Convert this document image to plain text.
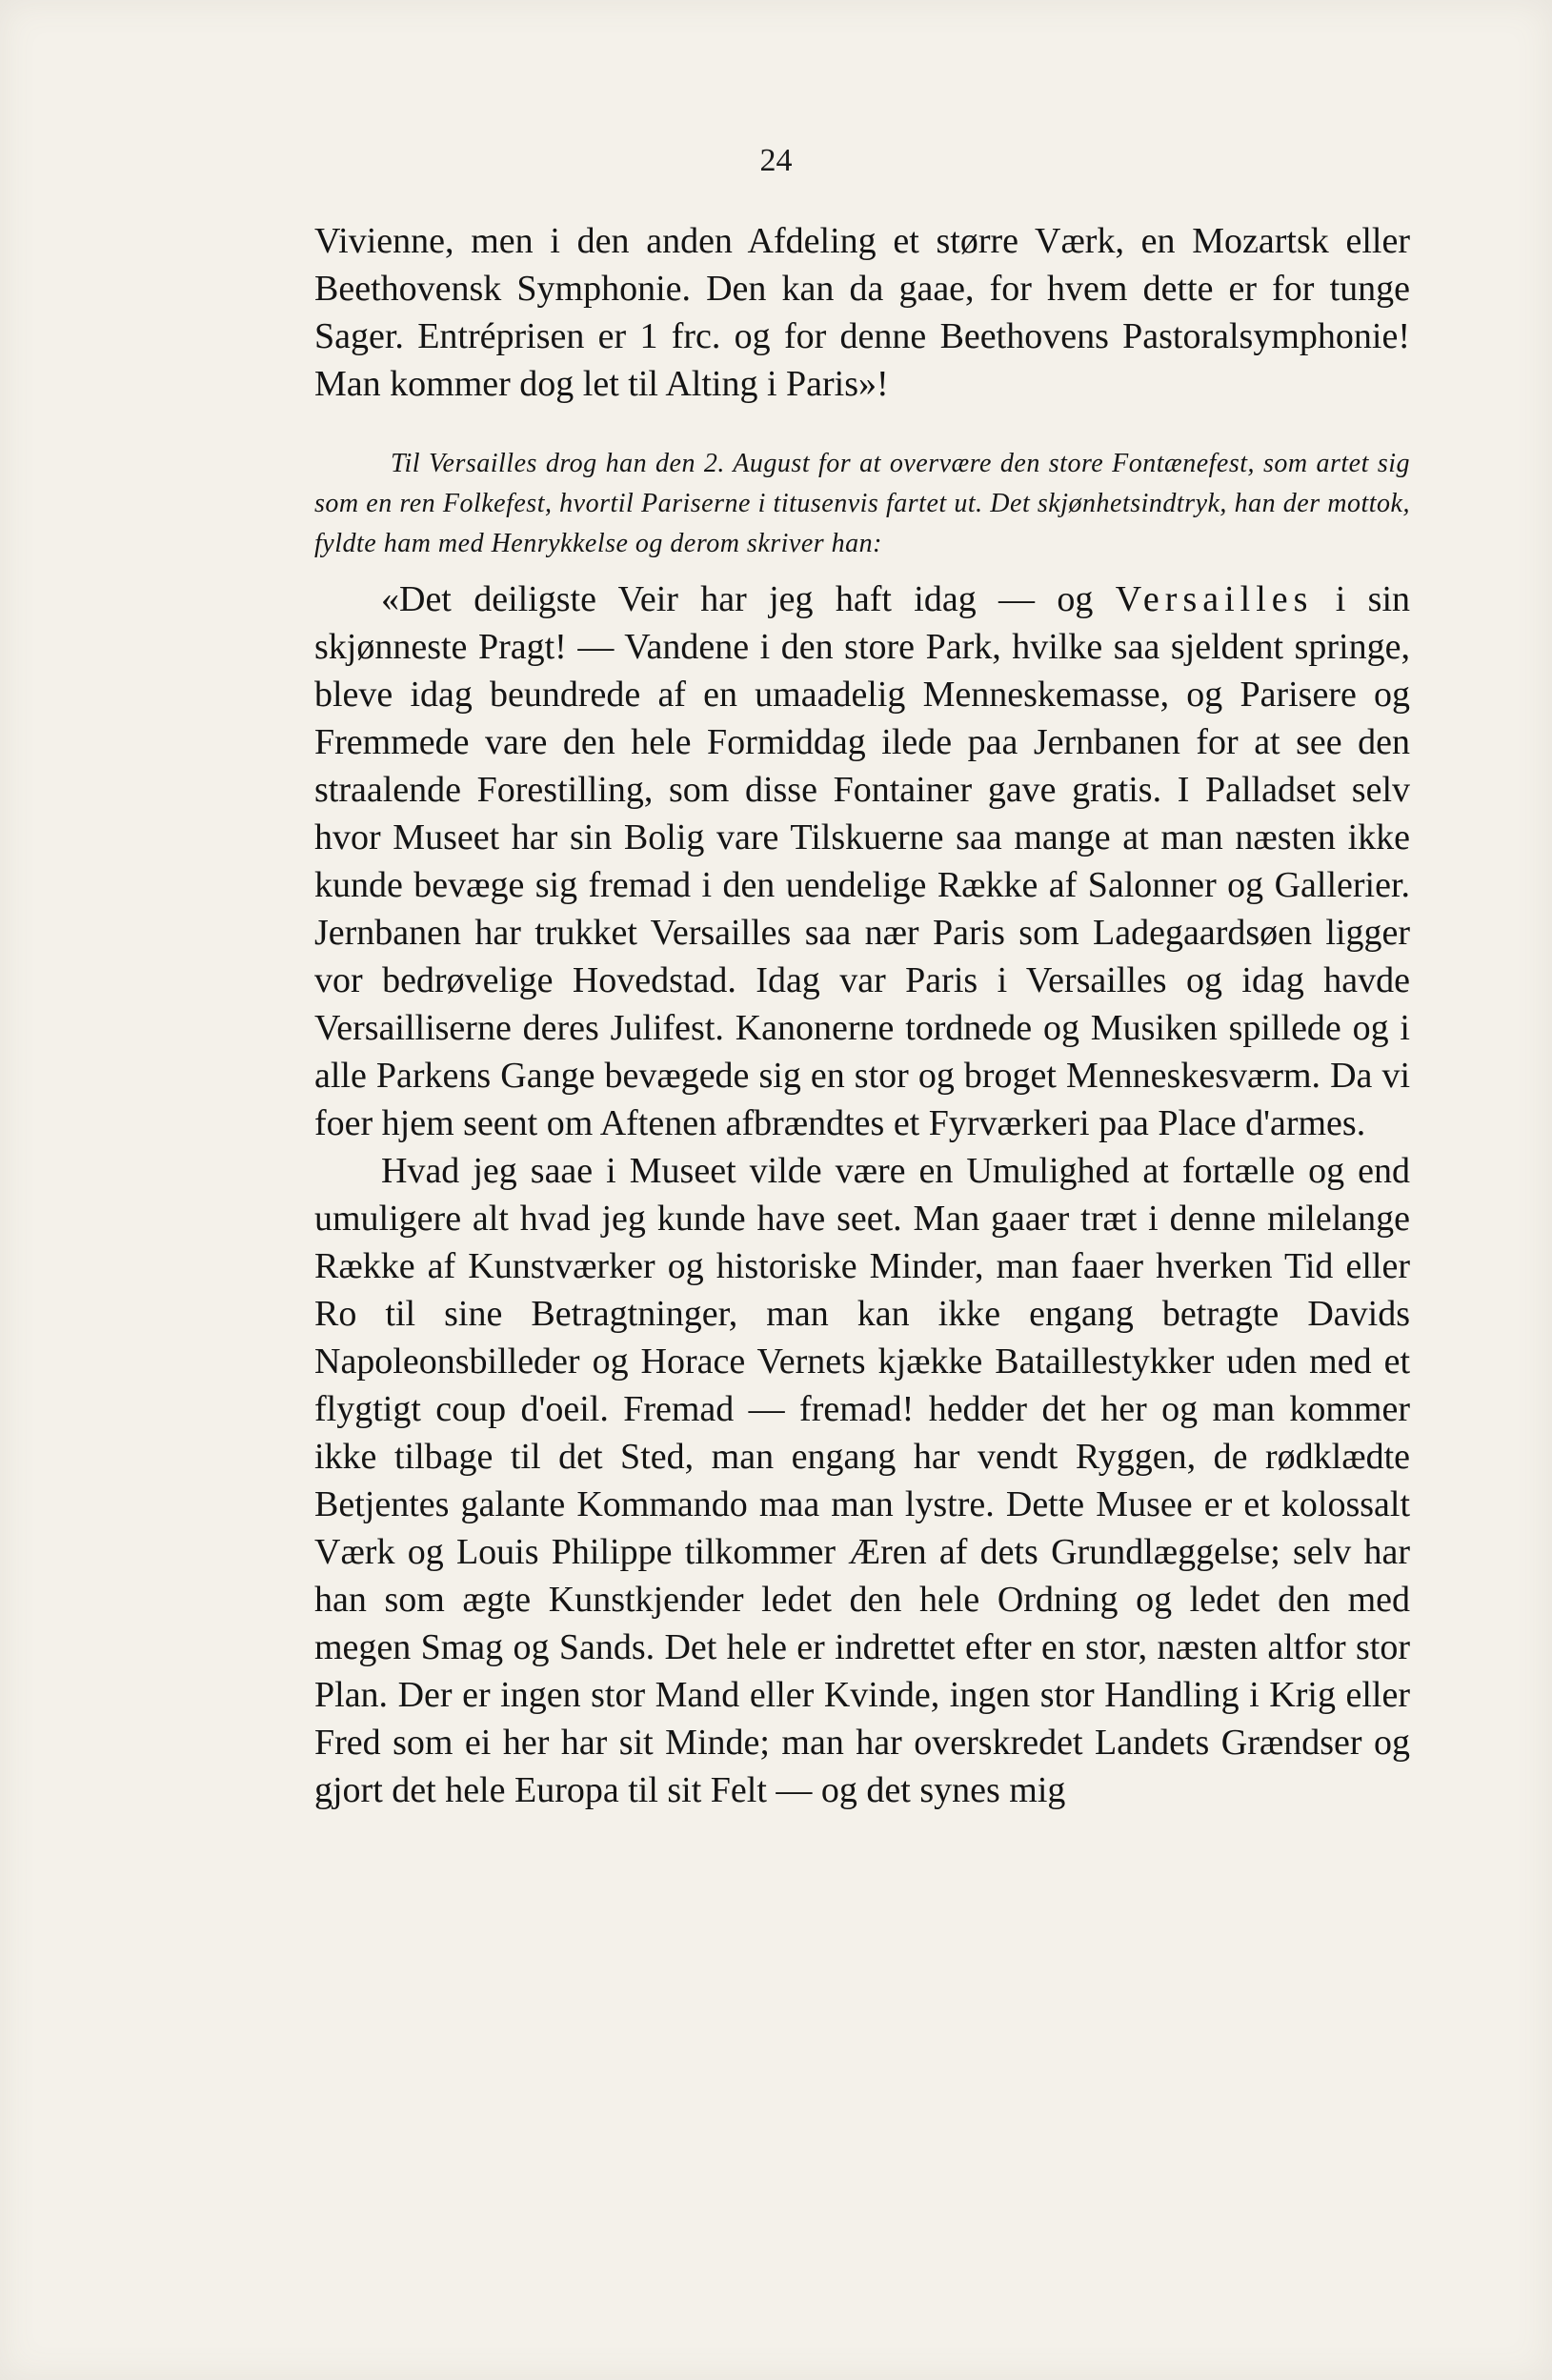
24

Vivienne, men i den anden Afdeling et større Værk, en Mozartsk eller Beethovensk Symphonie. Den kan da gaae, for hvem dette er for tunge Sager. Entréprisen er 1 frc. og for denne Beethovens Pastoralsymphonie! Man kommer dog let til Alting i Paris»!

Til Versailles drog han den 2. August for at overvære den store Fontænefest, som artet sig som en ren Folkefest, hvortil Pariserne i titusenvis fartet ut. Det skjønhetsindtryk, han der mottok, fyldte ham med Henrykkelse og derom skriver han:

«Det deiligste Veir har jeg haft idag — og Versailles i sin skjønneste Pragt! — Vandene i den store Park, hvilke saa sjeldent springe, bleve idag beundrede af en umaadelig Menneskemasse, og Parisere og Fremmede vare den hele Formiddag ilede paa Jernbanen for at see den straalende Forestilling, som disse Fontainer gave gratis. I Palladset selv hvor Museet har sin Bolig vare Tilskuerne saa mange at man næsten ikke kunde bevæge sig fremad i den uendelige Række af Salonner og Gallerier. Jernbanen har trukket Versailles saa nær Paris som Ladegaardsøen ligger vor bedrøvelige Hovedstad. Idag var Paris i Versailles og idag havde Versailliserne deres Julifest. Kanonerne tordnede og Musiken spillede og i alle Parkens Gange bevægede sig en stor og broget Menneskesværm. Da vi foer hjem seent om Aftenen afbrændtes et Fyrværkeri paa Place d'armes.

Hvad jeg saae i Museet vilde være en Umulighed at fortælle og end umuligere alt hvad jeg kunde have seet. Man gaaer træt i denne milelange Række af Kunstværker og historiske Minder, man faaer hverken Tid eller Ro til sine Betragtninger, man kan ikke engang betragte Davids Napoleonsbilleder og Horace Vernets kjække Bataillestykker uden med et flygtigt coup d'oeil. Fremad — fremad! hedder det her og man kommer ikke tilbage til det Sted, man engang har vendt Ryggen, de rødklædte Betjentes galante Kommando maa man lystre. Dette Musee er et kolossalt Værk og Louis Philippe tilkommer Æren af dets Grundlæggelse; selv har han som ægte Kunstkjender ledet den hele Ordning og ledet den med megen Smag og Sands. Det hele er indrettet efter en stor, næsten altfor stor Plan. Der er ingen stor Mand eller Kvinde, ingen stor Handling i Krig eller Fred som ei her har sit Minde; man har overskredet Landets Grændser og gjort det hele Europa til sit Felt — og det synes mig
